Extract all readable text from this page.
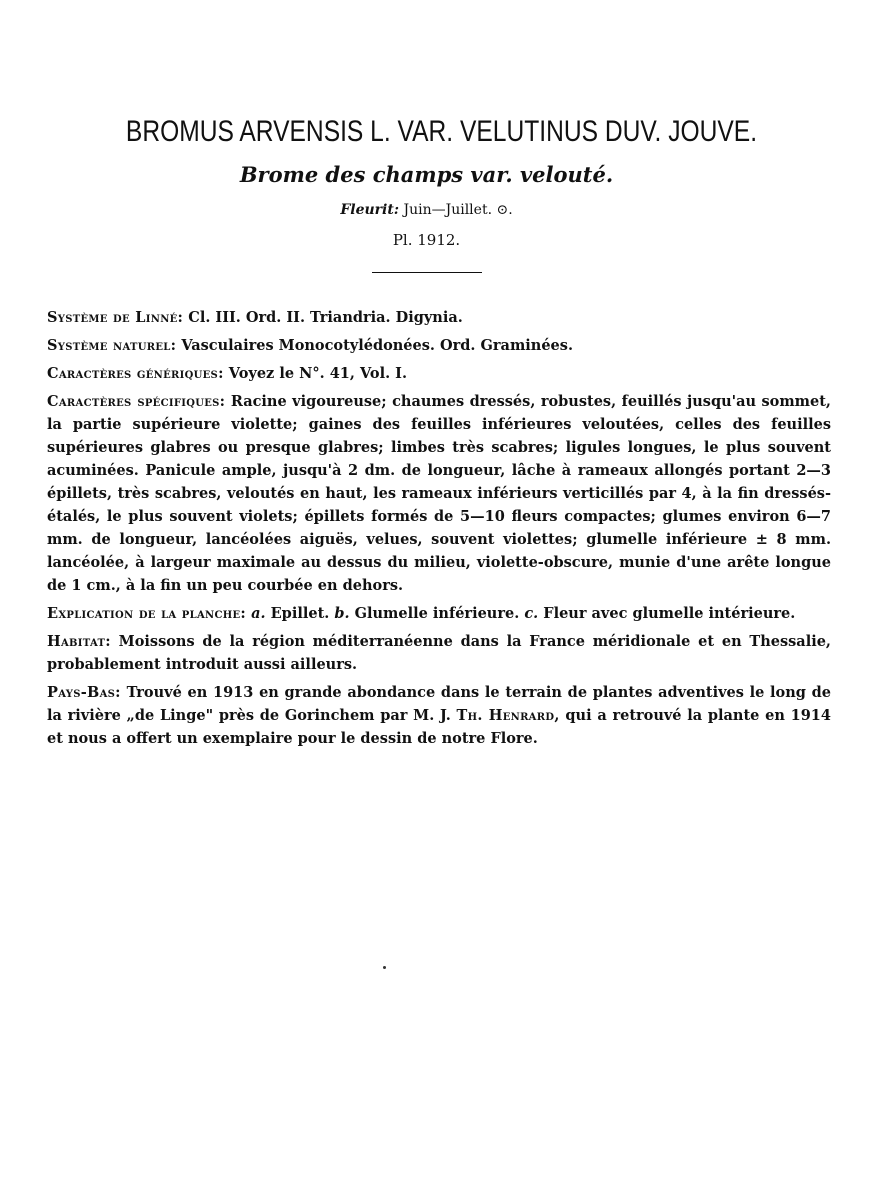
BROMUS ARVENSIS L. VAR. VELUTINUS DUV. JOUVE.
Brome des champs var. velouté.
Fleurit: Juin—Juillet. ⊙.
Pl. 1912.

Système de Linné: Cl. III. Ord. II. Triandria. Digynia.

Système naturel: Vasculaires Monocotylédonées. Ord. Graminées.

Caractères génériques: Voyez le N°. 41, Vol. I.

Caractères spécifiques: Racine vigoureuse; chaumes dressés, robustes, feuillés jusqu'au sommet, la partie supérieure violette; gaines des feuilles inférieures veloutées, celles des feuilles supérieures glabres ou presque glabres; limbes très scabres; ligules longues, le plus souvent acuminées. Panicule ample, jusqu'à 2 dm. de longueur, lâche à rameaux allongés portant 2—3 épillets, très scabres, veloutés en haut, les rameaux inférieurs verticillés par 4, à la fin dressés-étalés, le plus souvent violets; épillets formés de 5—10 fleurs compactes; glumes environ 6—7 mm. de longueur, lancéolées aiguës, velues, souvent violettes; glumelle inférieure ± 8 mm. lancéolée, à largeur maximale au dessus du milieu, violette-obscure, munie d'une arête longue de 1 cm., à la fin un peu courbée en dehors.

Explication de la planche: a. Epillet. b. Glumelle inférieure. c. Fleur avec glumelle intérieure.

Habitat: Moissons de la région méditerranéenne dans la France méridionale et en Thessalie, probablement introduit aussi ailleurs.

Pays-Bas: Trouvé en 1913 en grande abondance dans le terrain de plantes adventives le long de la rivière „de Linge" près de Gorinchem par M. J. Th. Henrard, qui a retrouvé la plante en 1914 et nous a offert un exemplaire pour le dessin de notre Flore.
